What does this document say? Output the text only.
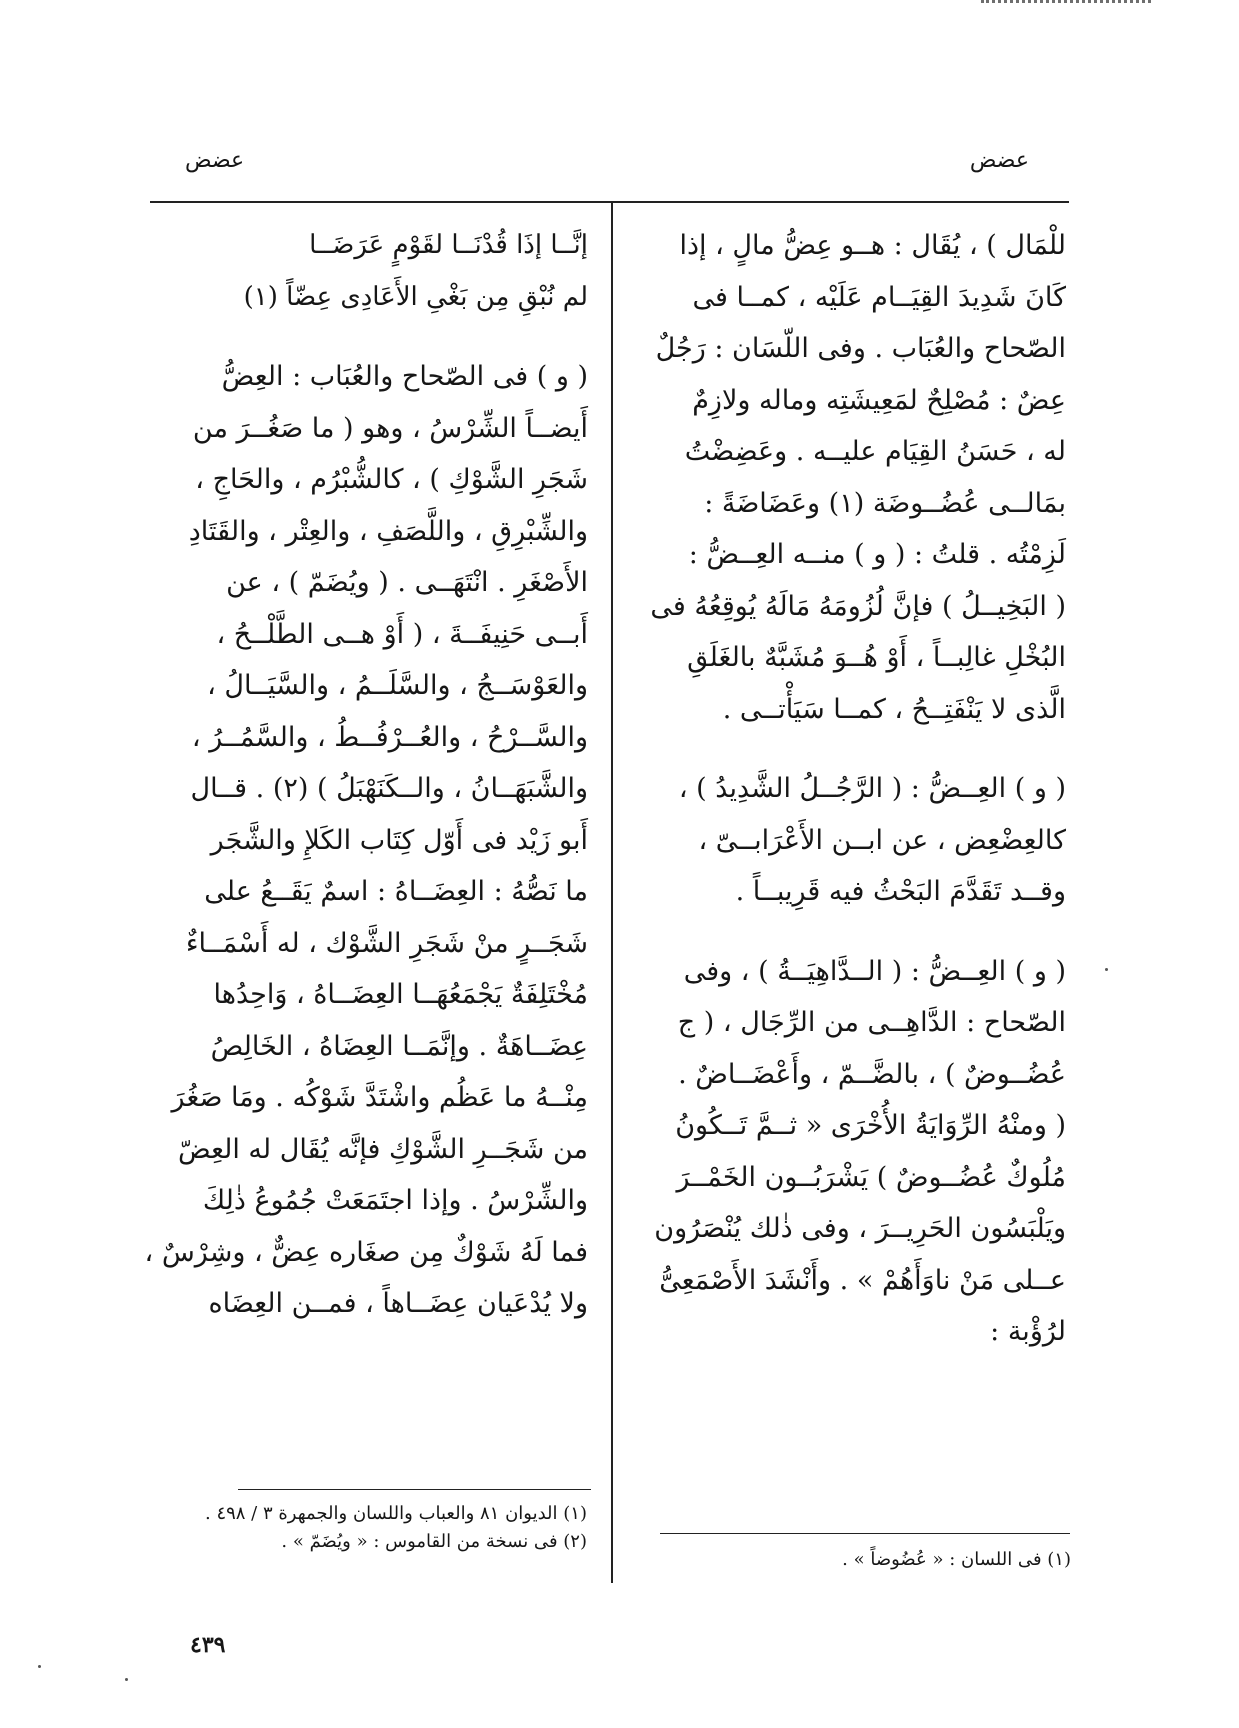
عضض
عضض
للْمَال ) ، يُقَال : هــو عِضُّ مالٍ ، إذا
كَانَ شَدِيدَ القِيَــام عَلَيْه ، كمــا فى
الصّحاح والعُبَاب . وفى اللّسَان : رَجُلٌ
عِضٌ : مُصْلِحٌ لمَعِيشَتِه وماله ولازِمٌ
له ، حَسَنُ القِيَام عليــه . وعَضِضْتُ
بمَالــى عُضُــوضَة (١) وعَضَاضَةً :
لَزِمْتُه . قلتُ : ( و ) منــه العِــضُّ :
( البَخِيــلُ ) فإنَّ لُزُومَهُ مَالَهُ يُوقِعُهُ فى
البُخْلِ غالِبــاً ، أَوْ هُــوَ مُشَبَّهٌ بالغَلَقِ
الَّذى لا يَنْفَتِــحُ ، كمــا سَيَأْتــى .
( و ) العِــضُّ : ( الرَّجُــلُ الشَّدِيدُ ) ،
كالعِضْعِض ، عن ابــن الأَعْرَابــىّ ،
وقــد تَقَدَّمَ البَحْثُ فيه قَرِيبــاً .
( و ) العِــضُّ : ( الــدَّاهِيَــةُ ) ، وفى
الصّحاح : الدَّاهِــى من الرِّجَال ، ( ج
عُضُــوضٌ ) ، بالضَّــمّ ، وأَعْضَــاضٌ .
( ومنْهُ الرِّوَايَةُ الأُخْرَى « ثــمَّ تَــكُونُ
مُلُوكٌ عُضُــوضٌ ) يَشْرَبُــون الخَمْــرَ
ويَلْبَسُون الحَرِيــرَ ، وفى ذٰلك يُنْصَرُون
عــلى مَنْ ناوَأَهُمْ » . وأَنْشَدَ الأَصْمَعِىُّ
لرُؤْبة :
إنَّــا إذَا قُدْنَــا لقَوْمٍ عَرَضَــا
لم نُبْقِ مِن بَغْىِ الأَعَادِى عِضّاً (١)
( و ) فى الصّحاح والعُبَاب : العِضُّ
أَيضــاً الشِّرْسُ ، وهو ( ما صَغُــرَ من
شَجَرِ الشَّوْكِ ) ، كالشُّبْرُم ، والحَاجِ ،
والشِّبْرِقِ ، واللَّصَفِ ، والعِتْر ، والقَتَادِ
الأَصْغَرِ . انْتَهَــى . ( ويُضَمّ ) ، عن
أَبــى حَنِيفَــةَ ، ( أَوْ هــى الطَّلْــحُ ،
والعَوْسَــجُ ، والسَّلَــمُ ، والسَّيَــالُ ،
والسَّــرْحُ ، والعُــرْفُــطُ ، والسَّمُــرُ ،
والشَّبَهَــانُ ، والــكَنَهْبَلُ ) (٢) . قــال
أَبو زَيْد فى أَوّل كِتَاب الكَلإِ والشَّجَر
ما نَصُّهُ : العِضَــاهُ : اسمٌ يَقَــعُ على
شَجَــرٍ منْ شَجَرِ الشَّوْك ، له أَسْمَــاءٌ
مُخْتَلِفَةٌ يَجْمَعُهَــا العِضَــاهُ ، وَاحِدُها
عِضَــاهَةٌ . وإنَّمَــا العِضَاهُ ، الخَالِصُ
مِنْــهُ ما عَظُم واشْتَدَّ شَوْكُه . ومَا صَغُرَ
من شَجَــرِ الشَّوْكِ فإنَّه يُقَال له العِضّ
والشِّرْسُ . وإذا اجتَمَعَتْ جُمُوعُ ذٰلِكَ
فما لَهُ شَوْكٌ مِن صغَاره عِضٌّ ، وشِرْسٌ ،
ولا يُدْعَيان عِضَــاهاً ، فمــن العِضَاه
(١) فى اللسان : « عُضُوضاً » .
(١) الديوان ٨١ والعباب واللسان والجمهرة ٣ / ٤٩٨ .
(٢) فى نسخة من القاموس : « ويُضَمّ » .
٤٣٩
